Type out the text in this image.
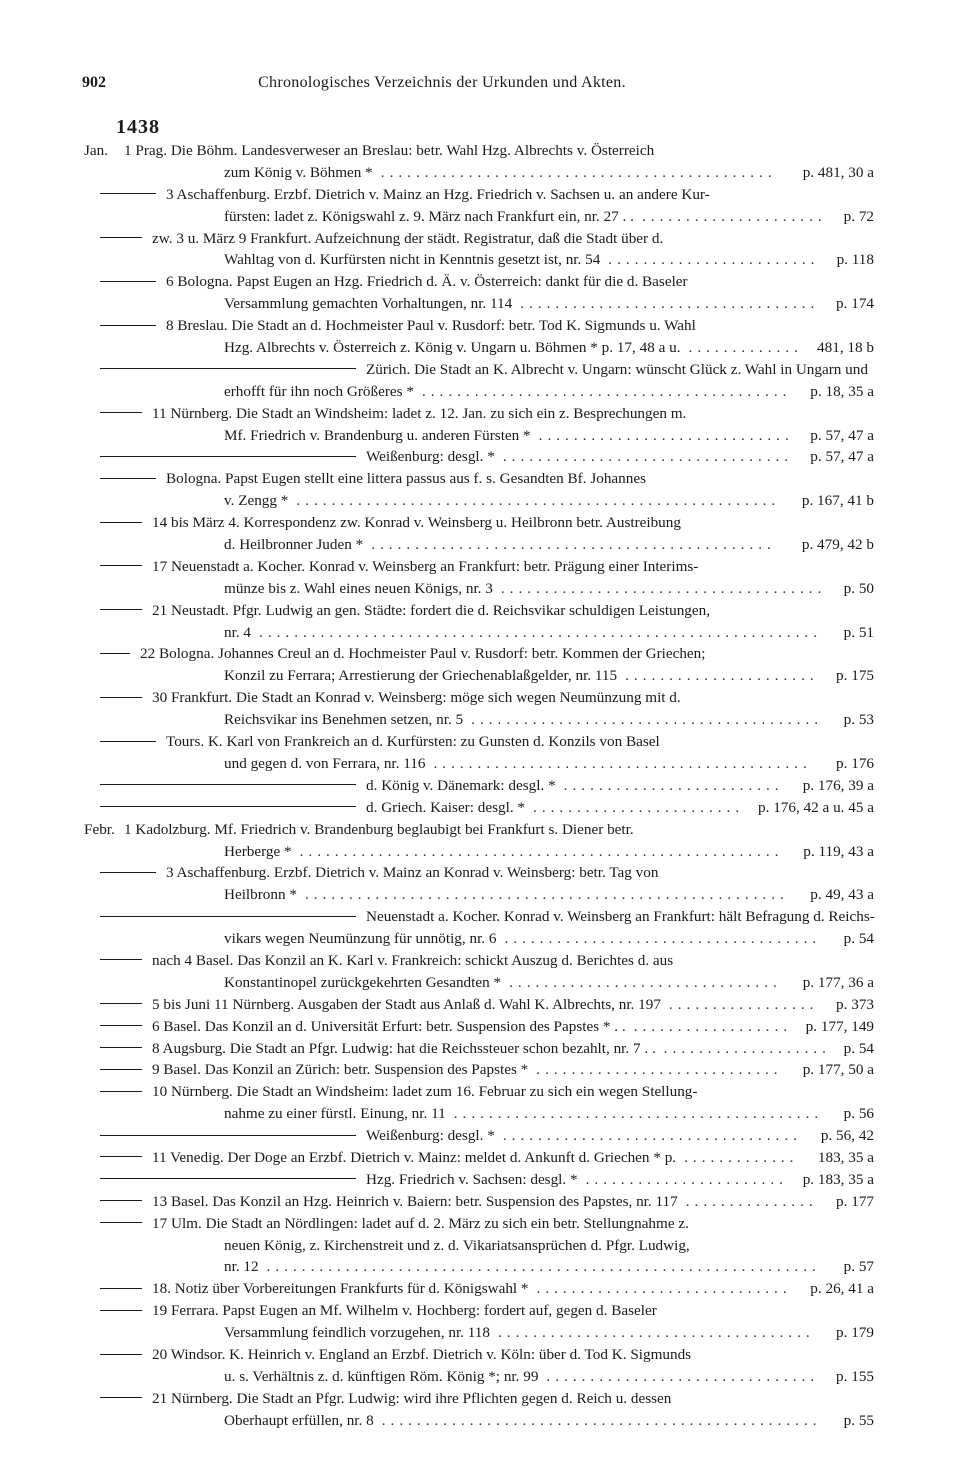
902	Chronologisches Verzeichnis der Urkunden und Akten.
1438
Jan. 1 Prag. Die Böhm. Landesverweser an Breslau: betr. Wahl Hzg. Albrechts v. Österreich
zum König v. Böhmen *	p. 481, 30 a
.............................................
3 Aschaffenburg. Erzbf. Dietrich v. Mainz an Hzg. Friedrich v. Sachsen u. an andere Kur-
fürsten: ladet z. Königswahl z. 9. März nach Frankfurt ein, nr. 27 . .	p. 72
.....................
zw. 3 u. März 9 Frankfurt. Aufzeichnung der städt. Registratur, daß die Stadt über d.
Wahltag von d. Kurfürsten nicht in Kenntnis gesetzt ist, nr. 54	p. 118
........................
6 Bologna. Papst Eugen an Hzg. Friedrich d. Ä. v. Österreich: dankt für die d. Baseler
Versammlung gemachten Vorhaltungen, nr. 114	p. 174
..................................
8 Breslau. Die Stadt an d. Hochmeister Paul v. Rusdorf: betr. Tod K. Sigmunds u. Wahl
Hzg. Albrechts v. Österreich z. König v. Ungarn u. Böhmen * p. 17, 48 a u.	481, 18 b
.............
Zürich. Die Stadt an K. Albrecht v. Ungarn: wünscht Glück z. Wahl in Ungarn und
erhofft für ihn noch Größeres *	p. 18, 35 a
..........................................
11 Nürnberg. Die Stadt an Windsheim: ladet z. 12. Jan. zu sich ein z. Besprechungen m.
Mf. Friedrich v. Brandenburg u. anderen Fürsten *	p. 57, 47 a
.............................
Weißenburg: desgl. *	p. 57, 47 a
.................................
Bologna. Papst Eugen stellt eine littera passus aus f. s. Gesandten Bf. Johannes
v. Zengg *	p. 167, 41 b
.......................................................
14 bis März 4. Korrespondenz zw. Konrad v. Weinsberg u. Heilbronn betr. Austreibung
d. Heilbronner Juden *	p. 479, 42 b
..............................................
17 Neuenstadt a. Kocher. Konrad v. Weinsberg an Frankfurt: betr. Prägung einer Interims-
münze bis z. Wahl eines neuen Königs, nr. 3	p. 50
.....................................
21 Neustadt. Pfgr. Ludwig an gen. Städte: fordert die d. Reichsvikar schuldigen Leistungen,
nr. 4	p. 51
................................................................
22 Bologna. Johannes Creul an d. Hochmeister Paul v. Rusdorf: betr. Kommen der Griechen;
Konzil zu Ferrara; Arrestierung der Griechenablaßgelder, nr. 115	p. 175
......................
30 Frankfurt. Die Stadt an Konrad v. Weinsberg: möge sich wegen Neumünzung mit d.
Reichsvikar ins Benehmen setzen, nr. 5	p. 53
........................................
Tours. K. Karl von Frankreich an d. Kurfürsten: zu Gunsten d. Konzils von Basel
und gegen d. von Ferrara, nr. 116	p. 176
...........................................
d. König v. Dänemark: desgl. *	p. 176, 39 a
.........................
d. Griech. Kaiser: desgl. *	p. 176, 42 a u. 45 a
........................
Febr. 1 Kadolzburg. Mf. Friedrich v. Brandenburg beglaubigt bei Frankfurt s. Diener betr.
Herberge *	p. 119, 43 a
.......................................................
3 Aschaffenburg. Erzbf. Dietrich v. Mainz an Konrad v. Weinsberg: betr. Tag von
Heilbronn *	p. 49, 43 a
.......................................................
Neuenstadt a. Kocher. Konrad v. Weinsberg an Frankfurt: hält Befragung d. Reichs-
vikars wegen Neumünzung für unnötig, nr. 6	p. 54
....................................
nach 4 Basel. Das Konzil an K. Karl v. Frankreich: schickt Auszug d. Berichtes d. aus
Konstantinopel zurückgekehrten Gesandten *	p. 177, 36 a
...............................
5 bis Juni 11 Nürnberg. Ausgaben der Stadt aus Anlaß d. Wahl K. Albrechts, nr. 197	p. 373
.................
6 Basel. Das Konzil an d. Universität Erfurt: betr. Suspension des Papstes * . .	p. 177, 149
..................
8 Augsburg. Die Stadt an Pfgr. Ludwig: hat die Reichssteuer schon bezahlt, nr. 7 . .	p. 54
...................
9 Basel. Das Konzil an Zürich: betr. Suspension des Papstes *	p. 177, 50 a
............................
10 Nürnberg. Die Stadt an Windsheim: ladet zum 16. Februar zu sich ein wegen Stellung-
nahme zu einer fürstl. Einung, nr. 11	p. 56
..........................................
Weißenburg: desgl. *	p. 56, 42
..................................
11 Venedig. Der Doge an Erzbf. Dietrich v. Mainz: meldet d. Ankunft d. Griechen * p.	183, 35 a
.............
Hzg. Friedrich v. Sachsen: desgl. *	p. 183, 35 a
.......................
13 Basel. Das Konzil an Hzg. Heinrich v. Baiern: betr. Suspension des Papstes, nr. 117	p. 177
...............
17 Ulm. Die Stadt an Nördlingen: ladet auf d. 2. März zu sich ein betr. Stellungnahme z.
neuen König, z. Kirchenstreit und z. d. Vikariatsansprüchen d. Pfgr. Ludwig,
nr. 12	p. 57
...............................................................
18. Notiz über Vorbereitungen Frankfurts für d. Königswahl *	p. 26, 41 a
.............................
19 Ferrara. Papst Eugen an Mf. Wilhelm v. Hochberg: fordert auf, gegen d. Baseler
Versammlung feindlich vorzugehen, nr. 118	p. 179
....................................
20 Windsor. K. Heinrich v. England an Erzbf. Dietrich v. Köln: über d. Tod K. Sigmunds
u. s. Verhältnis z. d. künftigen Röm. König *; nr. 99	p. 155
...............................
21 Nürnberg. Die Stadt an Pfgr. Ludwig: wird ihre Pflichten gegen d. Reich u. dessen
Oberhaupt erfüllen, nr. 8	p. 55
..................................................
